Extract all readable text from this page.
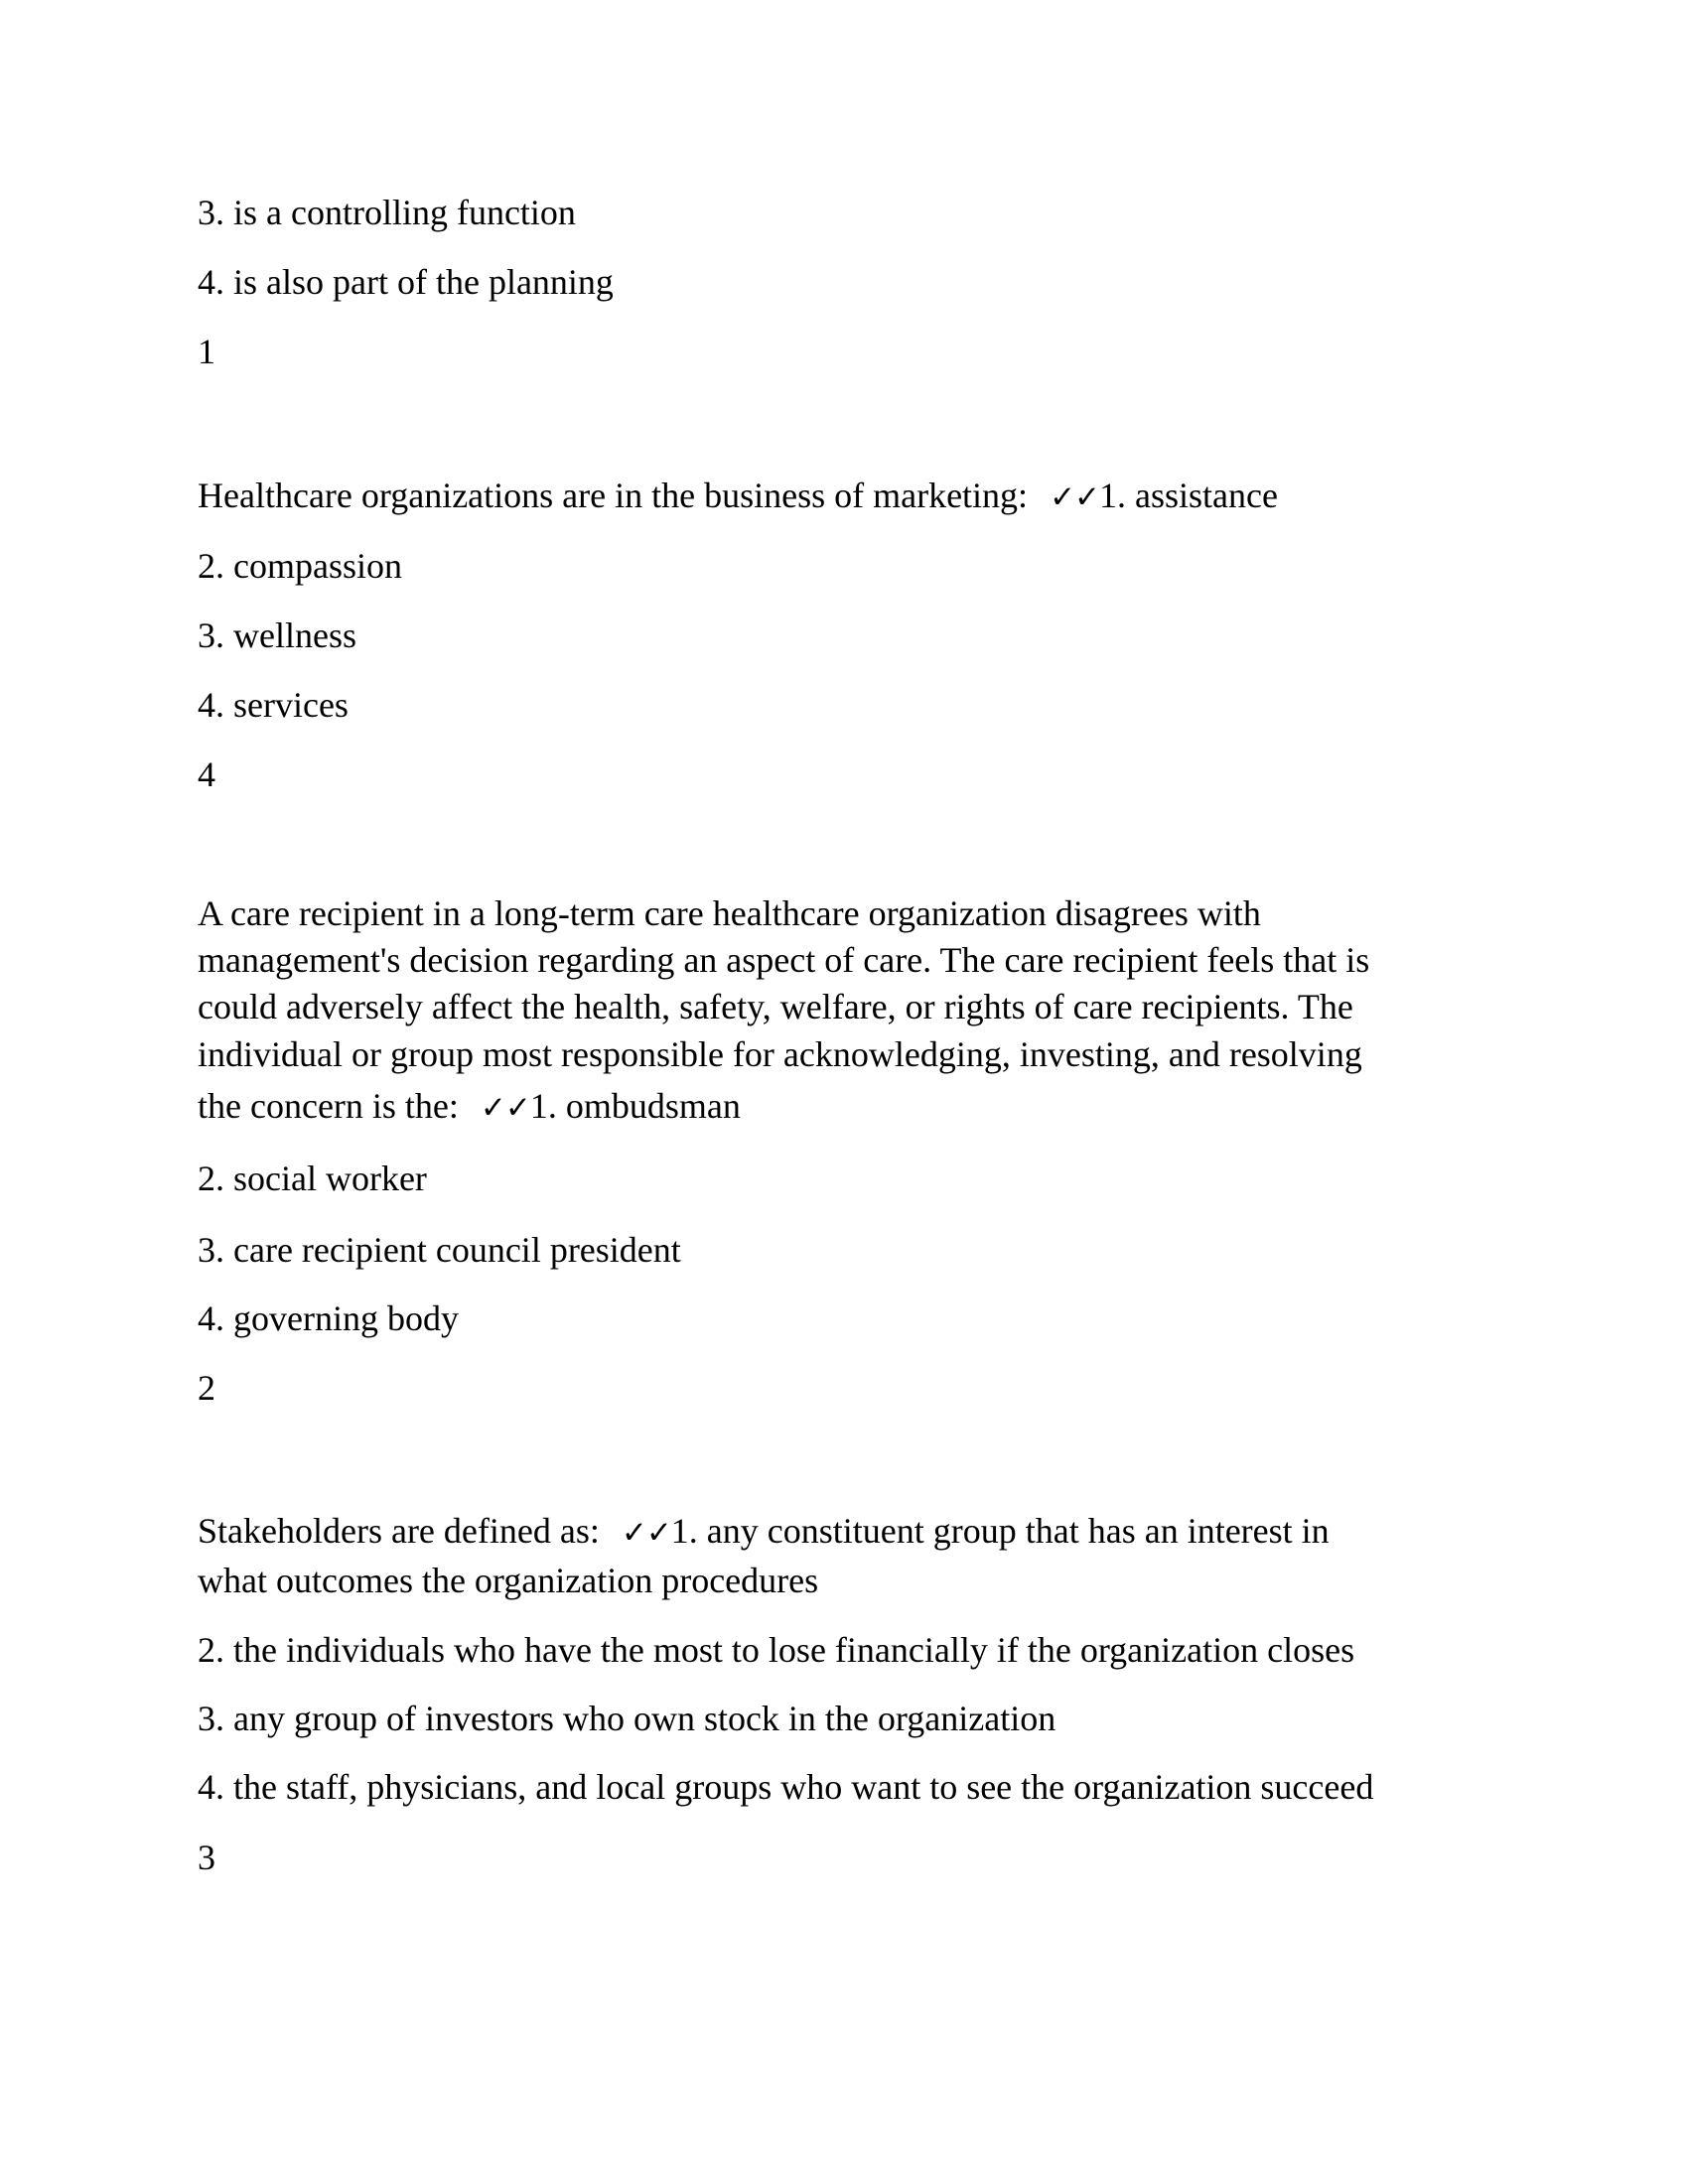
3. is a controlling function
4. is also part of the planning
1
Healthcare organizations are in the business of marketing: ✓✓1. assistance
2. compassion
3. wellness
4. services
4
A care recipient in a long-term care healthcare organization disagrees with
management's decision regarding an aspect of care. The care recipient feels that is
could adversely affect the health, safety, welfare, or rights of care recipients. The
individual or group most responsible for acknowledging, investing, and resolving
the concern is the: ✓✓1. ombudsman
2. social worker
3. care recipient council president
4. governing body
2
Stakeholders are defined as: ✓✓1. any constituent group that has an interest in
what outcomes the organization procedures
2. the individuals who have the most to lose financially if the organization closes
3. any group of investors who own stock in the organization
4. the staff, physicians, and local groups who want to see the organization succeed
3
